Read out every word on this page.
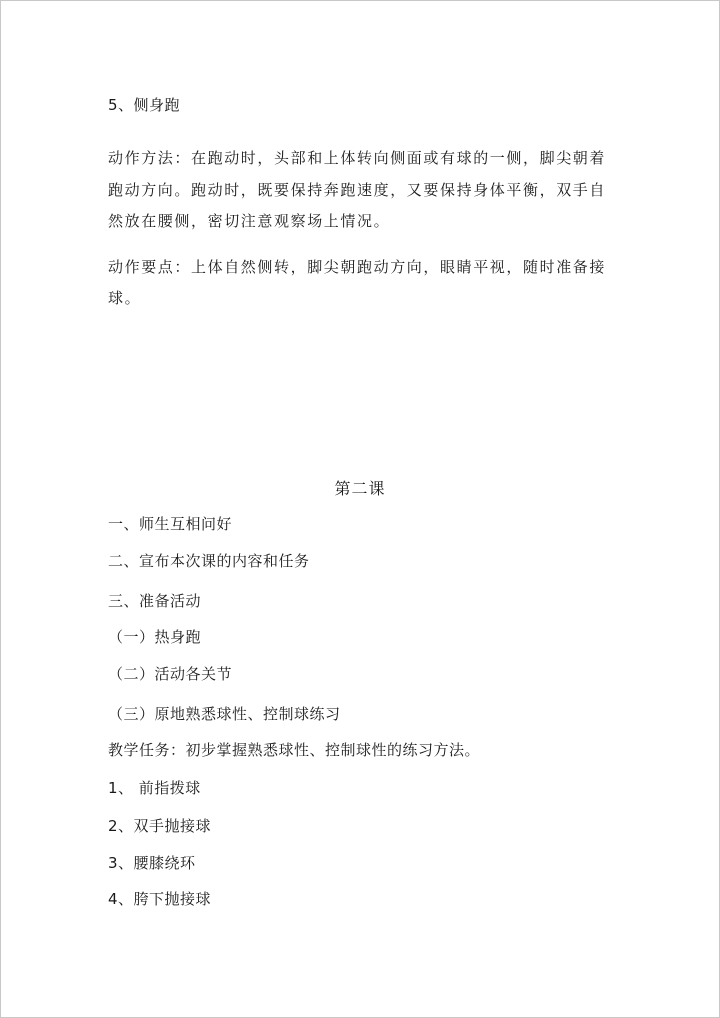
5、侧身跑
动作方法：在跑动时，头部和上体转向侧面或有球的一侧，脚尖朝着
跑动方向。跑动时，既要保持奔跑速度，又要保持身体平衡，双手自
然放在腰侧，密切注意观察场上情况。
动作要点：上体自然侧转，脚尖朝跑动方向，眼睛平视，随时准备接
球。
第二课
一、师生互相问好
二、宣布本次课的内容和任务
三、准备活动
（一）热身跑
（二）活动各关节
（三）原地熟悉球性、控制球练习
教学任务：初步掌握熟悉球性、控制球性的练习方法。
1、 前指拨球
2、双手抛接球
3、腰膝绕环
4、胯下抛接球
